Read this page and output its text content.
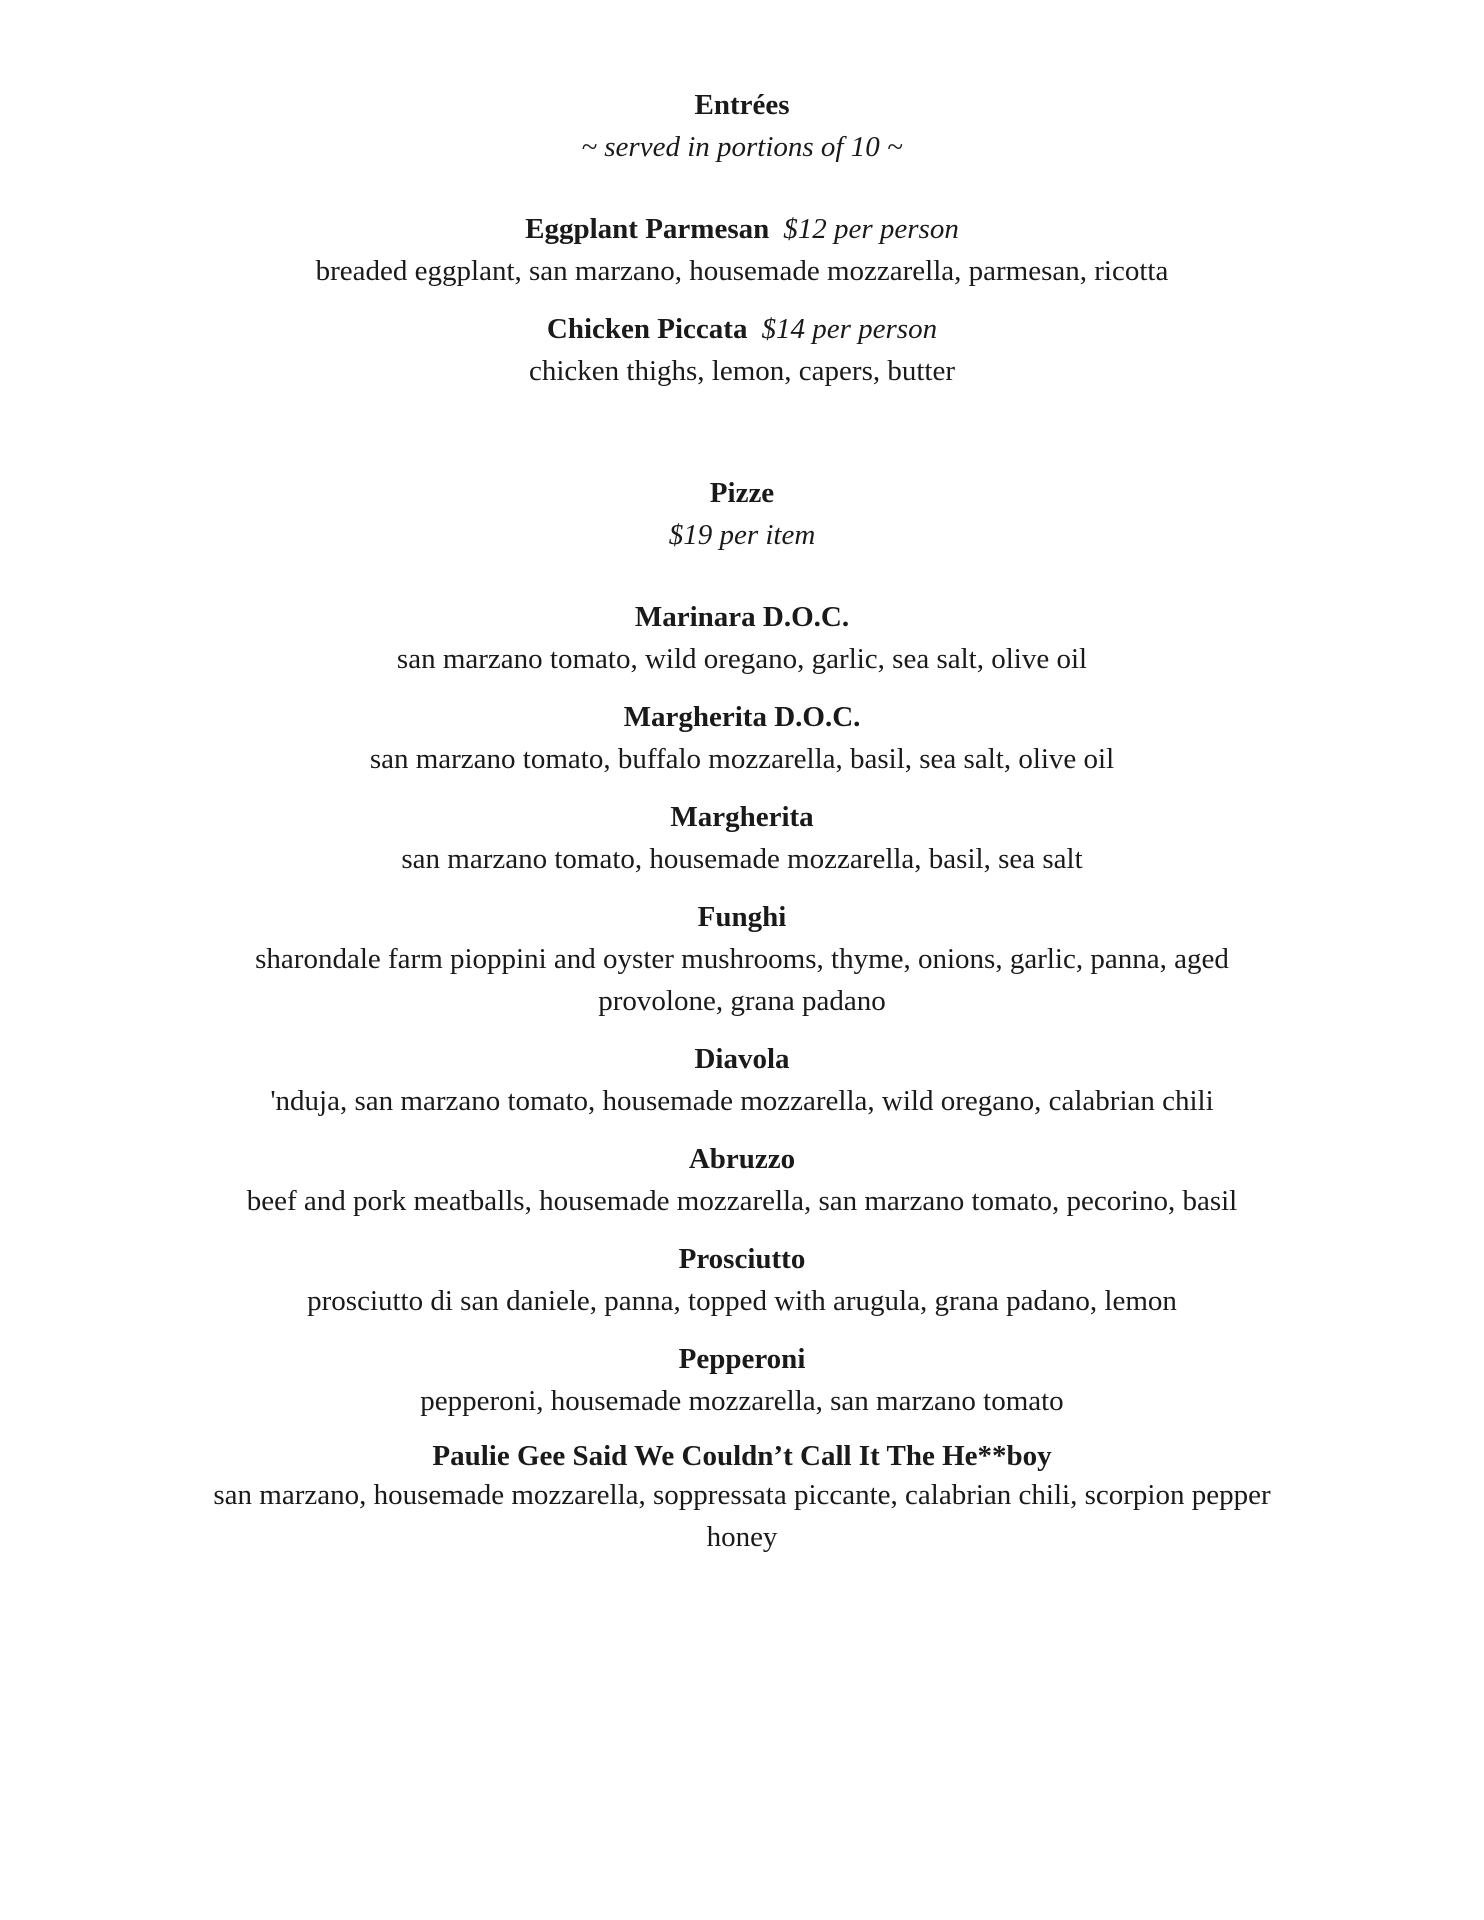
Entrées

~ served in portions of 10 ~

Eggplant Parmesan $12 per person
breaded eggplant, san marzano, housemade mozzarella, parmesan, ricotta
Chicken Piccata $14 per person
chicken thighs, lemon, capers, butter
Pizze

$19 per item

Marinara D.O.C.
san marzano tomato, wild oregano, garlic, sea salt, olive oil
Margherita D.O.C.
san marzano tomato, buffalo mozzarella, basil, sea salt, olive oil
Margherita
san marzano tomato, housemade mozzarella, basil, sea salt
Funghi
sharondale farm pioppini and oyster mushrooms, thyme, onions, garlic, panna, aged provolone, grana padano
Diavola
'nduja, san marzano tomato, housemade mozzarella, wild oregano, calabrian chili
Abruzzo
beef and pork meatballs, housemade mozzarella, san marzano tomato, pecorino, basil
Prosciutto
prosciutto di san daniele, panna, topped with arugula, grana padano, lemon
Pepperoni
pepperoni, housemade mozzarella, san marzano tomato
Paulie Gee Said We Couldn’t Call It The He**boy
san marzano, housemade mozzarella, soppressata piccante, calabrian chili, scorpion pepper honey
